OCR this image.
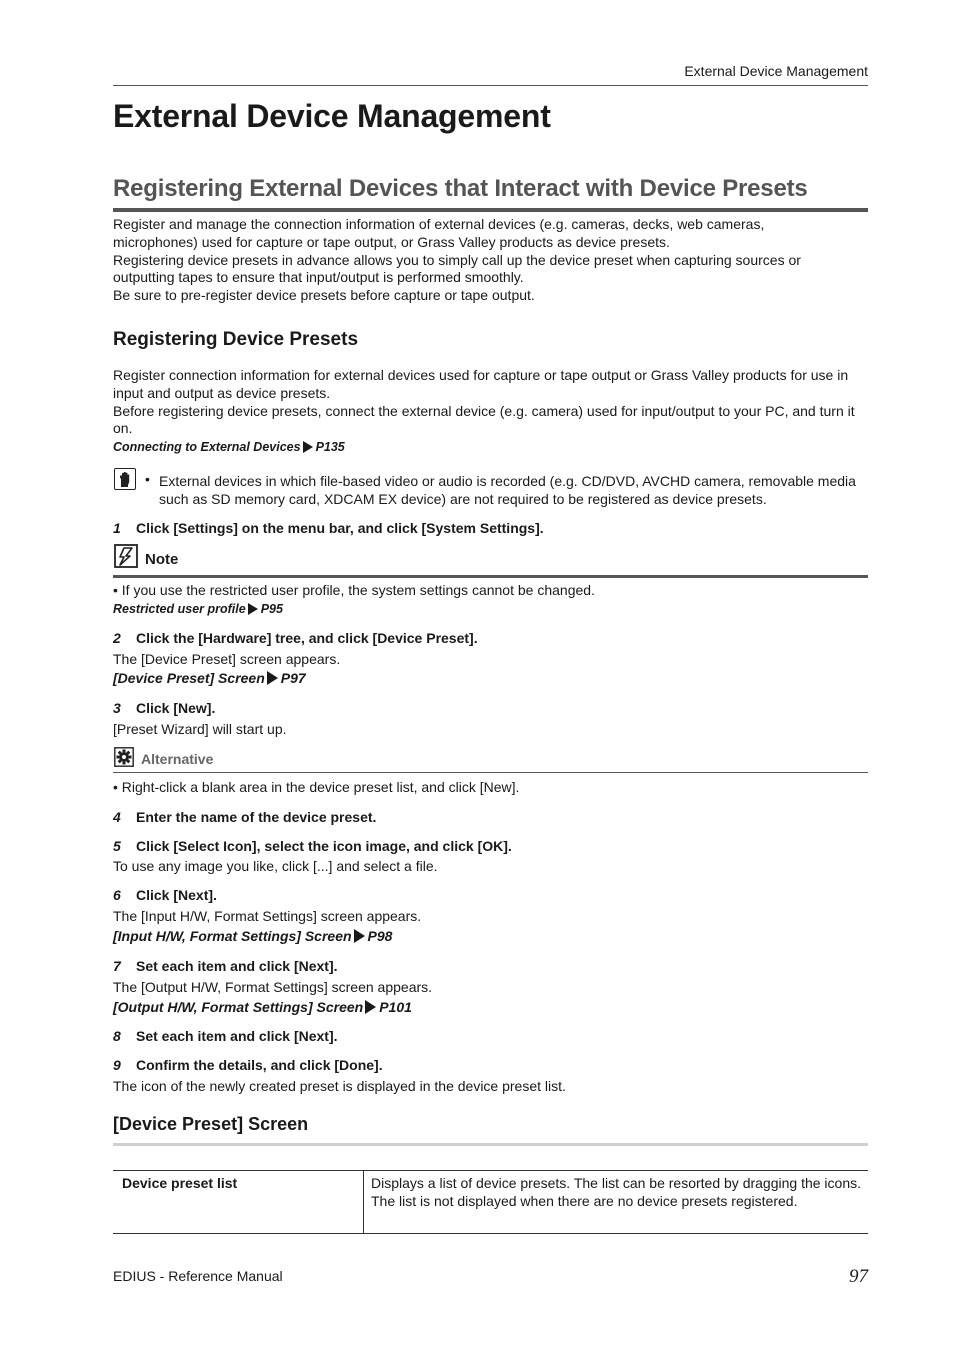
External Device Management
External Device Management
Registering External Devices that Interact with Device Presets
Register and manage the connection information of external devices (e.g. cameras, decks, web cameras,
microphones) used for capture or tape output, or Grass Valley products as device presets.
Registering device presets in advance allows you to simply call up the device preset when capturing sources or
outputting tapes to ensure that input/output is performed smoothly.
Be sure to pre-register device presets before capture or tape output.
Registering Device Presets
Register connection information for external devices used for capture or tape output or Grass Valley products for use in input and output as device presets.
Before registering device presets, connect the external device (e.g. camera) used for input/output to your PC, and turn it on.
Connecting to External Devices P135
• External devices in which file-based video or audio is recorded (e.g. CD/DVD, AVCHD camera, removable media such as SD memory card, XDCAM EX device) are not required to be registered as device presets.
1 Click [Settings] on the menu bar, and click [System Settings].
Note
• If you use the restricted user profile, the system settings cannot be changed.
Restricted user profile P95
2 Click the [Hardware] tree, and click [Device Preset].
The [Device Preset] screen appears.
[Device Preset] Screen P97
3 Click [New].
[Preset Wizard] will start up.
Alternative
• Right-click a blank area in the device preset list, and click [New].
4 Enter the name of the device preset.
5 Click [Select Icon], select the icon image, and click [OK].
To use any image you like, click [...] and select a file.
6 Click [Next].
The [Input H/W, Format Settings] screen appears.
[Input H/W, Format Settings] Screen P98
7 Set each item and click [Next].
The [Output H/W, Format Settings] screen appears.
[Output H/W, Format Settings] Screen P101
8 Set each item and click [Next].
9 Confirm the details, and click [Done].
The icon of the newly created preset is displayed in the device preset list.
[Device Preset] Screen
Device preset list	Displays a list of device presets. The list can be resorted by dragging the icons.
The list is not displayed when there are no device presets registered.
EDIUS - Reference Manual	97
